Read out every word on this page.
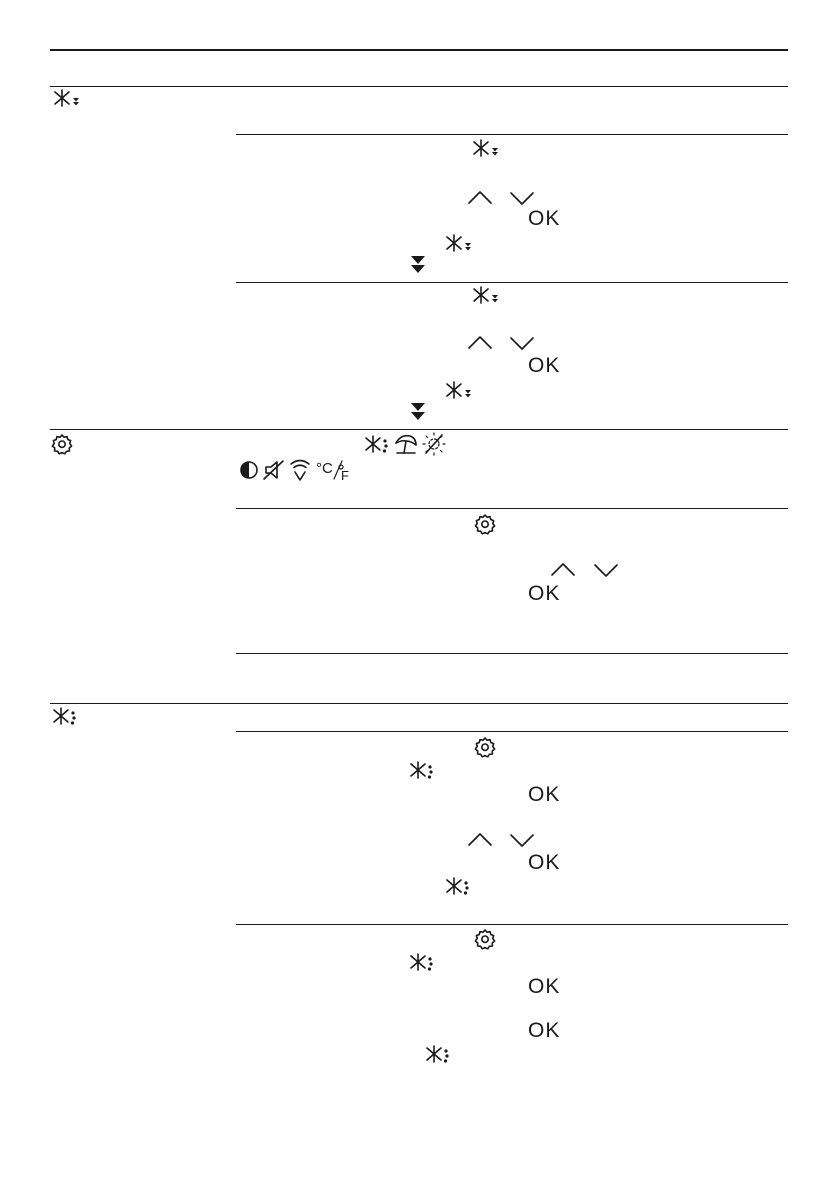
OK
OK
°C F
OK
OK
OK
OK
OK
